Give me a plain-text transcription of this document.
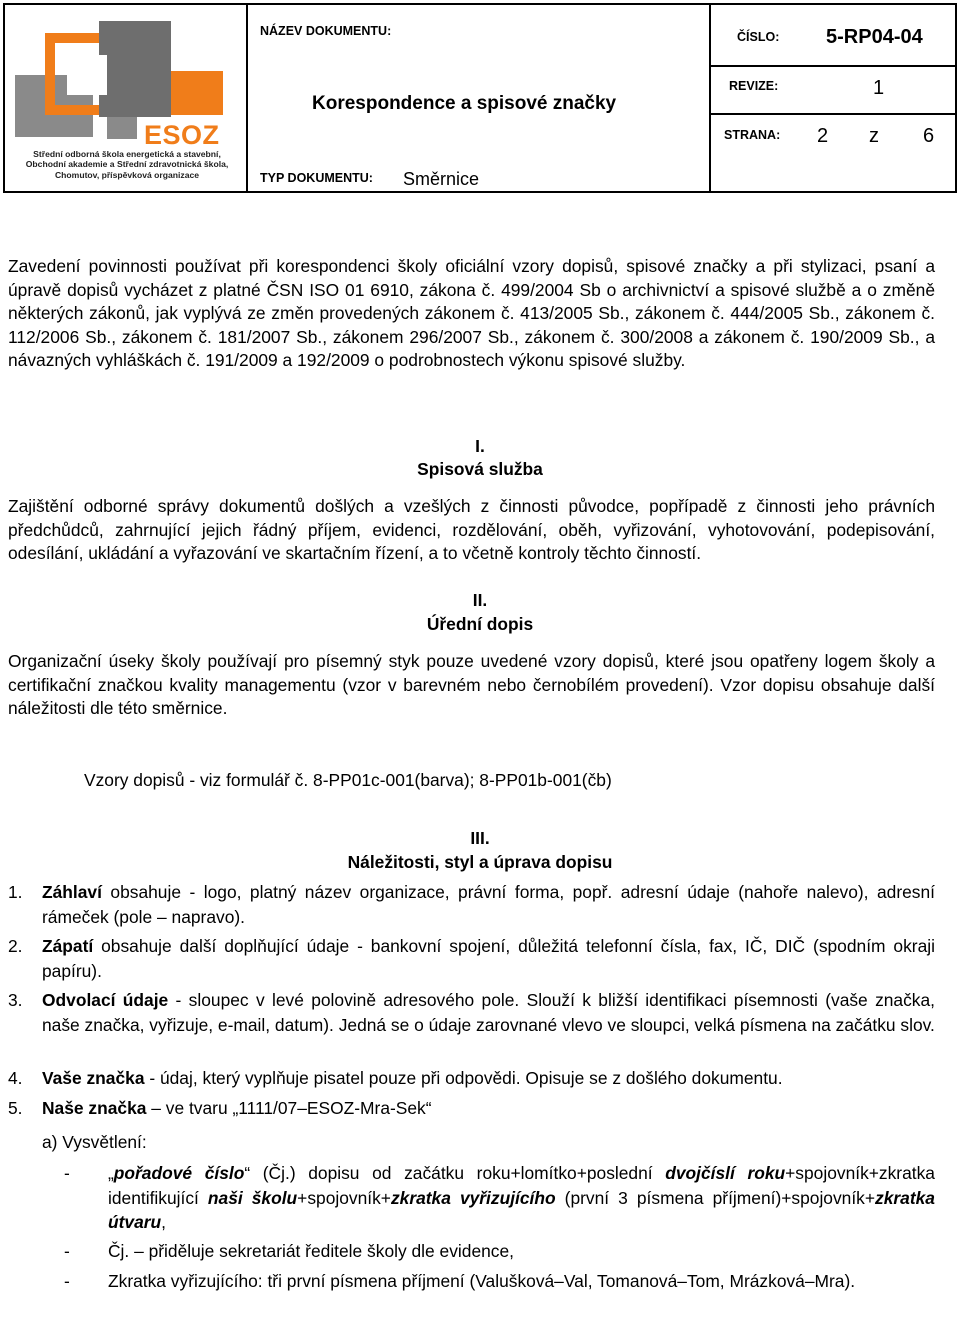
ESOZ
Střední odborná škola energetická a stavební,
Obchodní akademie a Střední zdravotnická škola,
Chomutov, příspěvková organizace
NÁZEV DOKUMENTU:
Korespondence a spisové značky
TYP DOKUMENTU: Směrnice
ČÍSLO: 5-RP04-04
REVIZE:	1
STRANA: 2 z 6
Zavedení povinnosti používat při korespondenci školy oficiální vzory dopisů, spisové značky a při stylizaci, psaní a úpravě dopisů vycházet z platné ČSN ISO 01 6910, zákona č. 499/2004 Sb o archivnictví a spisové službě a o změně některých zákonů, jak vyplývá ze změn provedených zákonem č. 413/2005 Sb., zákonem č. 444/2005 Sb., zákonem č. 112/2006 Sb., zákonem č. 181/2007 Sb., zákonem 296/2007 Sb., zákonem č. 300/2008 a zákonem č. 190/2009 Sb., a návazných vyhláškách č. 191/2009 a 192/2009 o podrobnostech výkonu spisové služby.
I.
Spisová služba
Zajištění odborné správy dokumentů došlých a vzešlých z činnosti původce, popřípadě z činnosti jeho právních předchůdců, zahrnující jejich řádný příjem, evidenci, rozdělování, oběh, vyřizování, vyhotovování, podepisování, odesílání, ukládání a vyřazování ve skartačním řízení, a to včetně kontroly těchto činností.
II.
Úřední dopis
Organizační úseky školy používají pro písemný styk pouze uvedené vzory dopisů, které jsou opatřeny logem školy a certifikační značkou kvality managementu (vzor v barevném nebo černobílém provedení). Vzor dopisu obsahuje další náležitosti dle této směrnice.
Vzory dopisů - viz formulář č. 8-PP01c-001(barva); 8-PP01b-001(čb)
III.
Náležitosti, styl a úprava dopisu
1. Záhlaví obsahuje - logo, platný název organizace, právní forma, popř. adresní údaje (nahoře nalevo), adresní rámeček (pole – napravo).
2. Zápatí obsahuje další doplňující údaje - bankovní spojení, důležitá telefonní čísla, fax, IČ, DIČ (spodním okraji papíru).
3. Odvolací údaje - sloupec v levé polovině adresového pole. Slouží k bližší identifikaci písemnosti (vaše značka, naše značka, vyřizuje, e-mail, datum). Jedná se o údaje zarovnané vlevo ve sloupci, velká písmena na začátku slov.
4. Vaše značka - údaj, který vyplňuje pisatel pouze při odpovědi. Opisuje se z došlého dokumentu.
5. Naše značka – ve tvaru „1111/07–ESOZ-Mra-Sek“
a) Vysvětlení:
- „pořadové číslo“ (Čj.) dopisu od začátku roku+lomítko+poslední dvojčíslí roku+spojovník+zkratka identifikující naši školu+spojovník+zkratka vyřizujícího (první 3 písmena příjmení)+spojovník+zkratka útvaru,
- Čj. – přiděluje sekretariát ředitele školy dle evidence,
- Zkratka vyřizujícího: tři první písmena příjmení (Valušková–Val, Tomanová–Tom, Mrázková–Mra).
